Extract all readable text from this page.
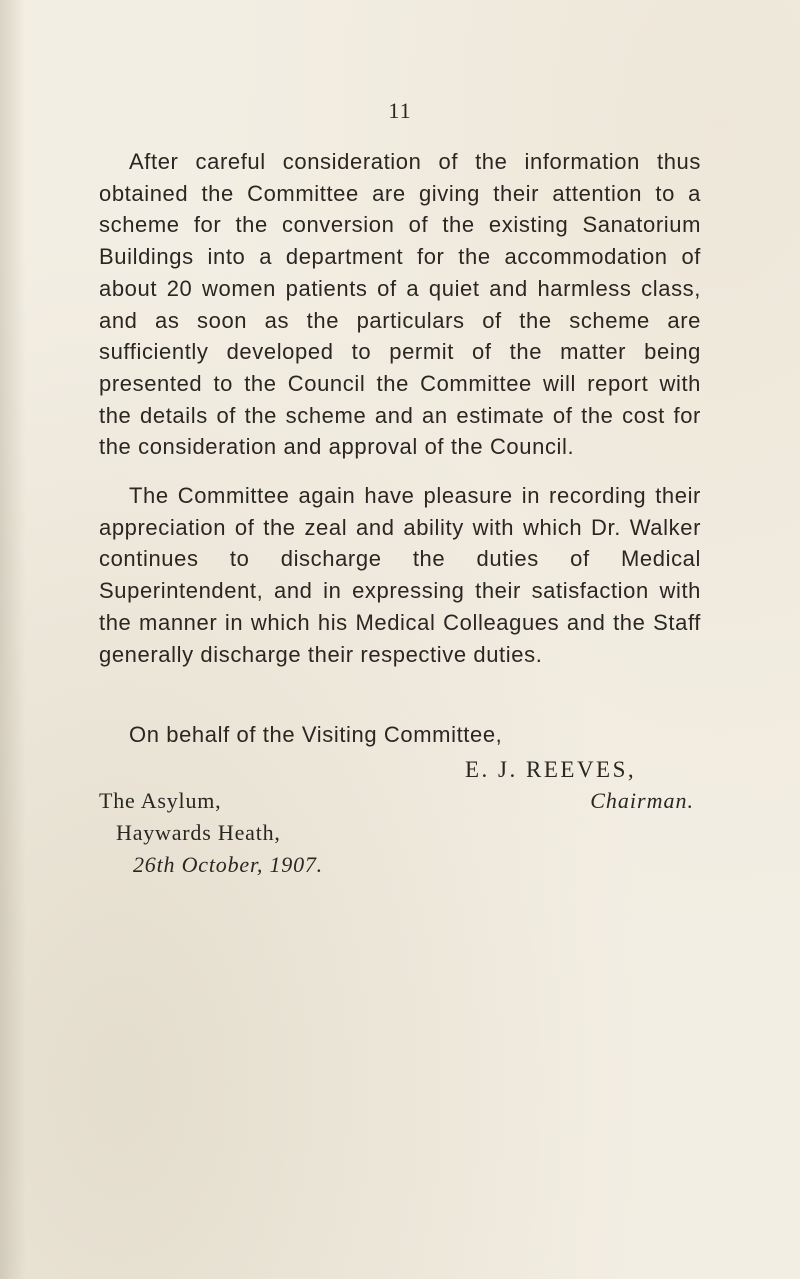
11

After careful consideration of the information thus obtained the Committee are giving their attention to a scheme for the conversion of the existing Sanatorium Buildings into a department for the accommodation of about 20 women patients of a quiet and harmless class, and as soon as the particulars of the scheme are sufficiently developed to permit of the matter being presented to the Council the Committee will report with the details of the scheme and an estimate of the cost for the consideration and approval of the Council.

The Committee again have pleasure in recording their appreciation of the zeal and ability with which Dr. Walker continues to discharge the duties of Medical Superintendent, and in expressing their satisfaction with the manner in which his Medical Colleagues and the Staff generally discharge their respective duties.

On behalf of the Visiting Committee,
E. J. REEVES,
Chairman.
The Asylum,
Haywards Heath,
26th October, 1907.
